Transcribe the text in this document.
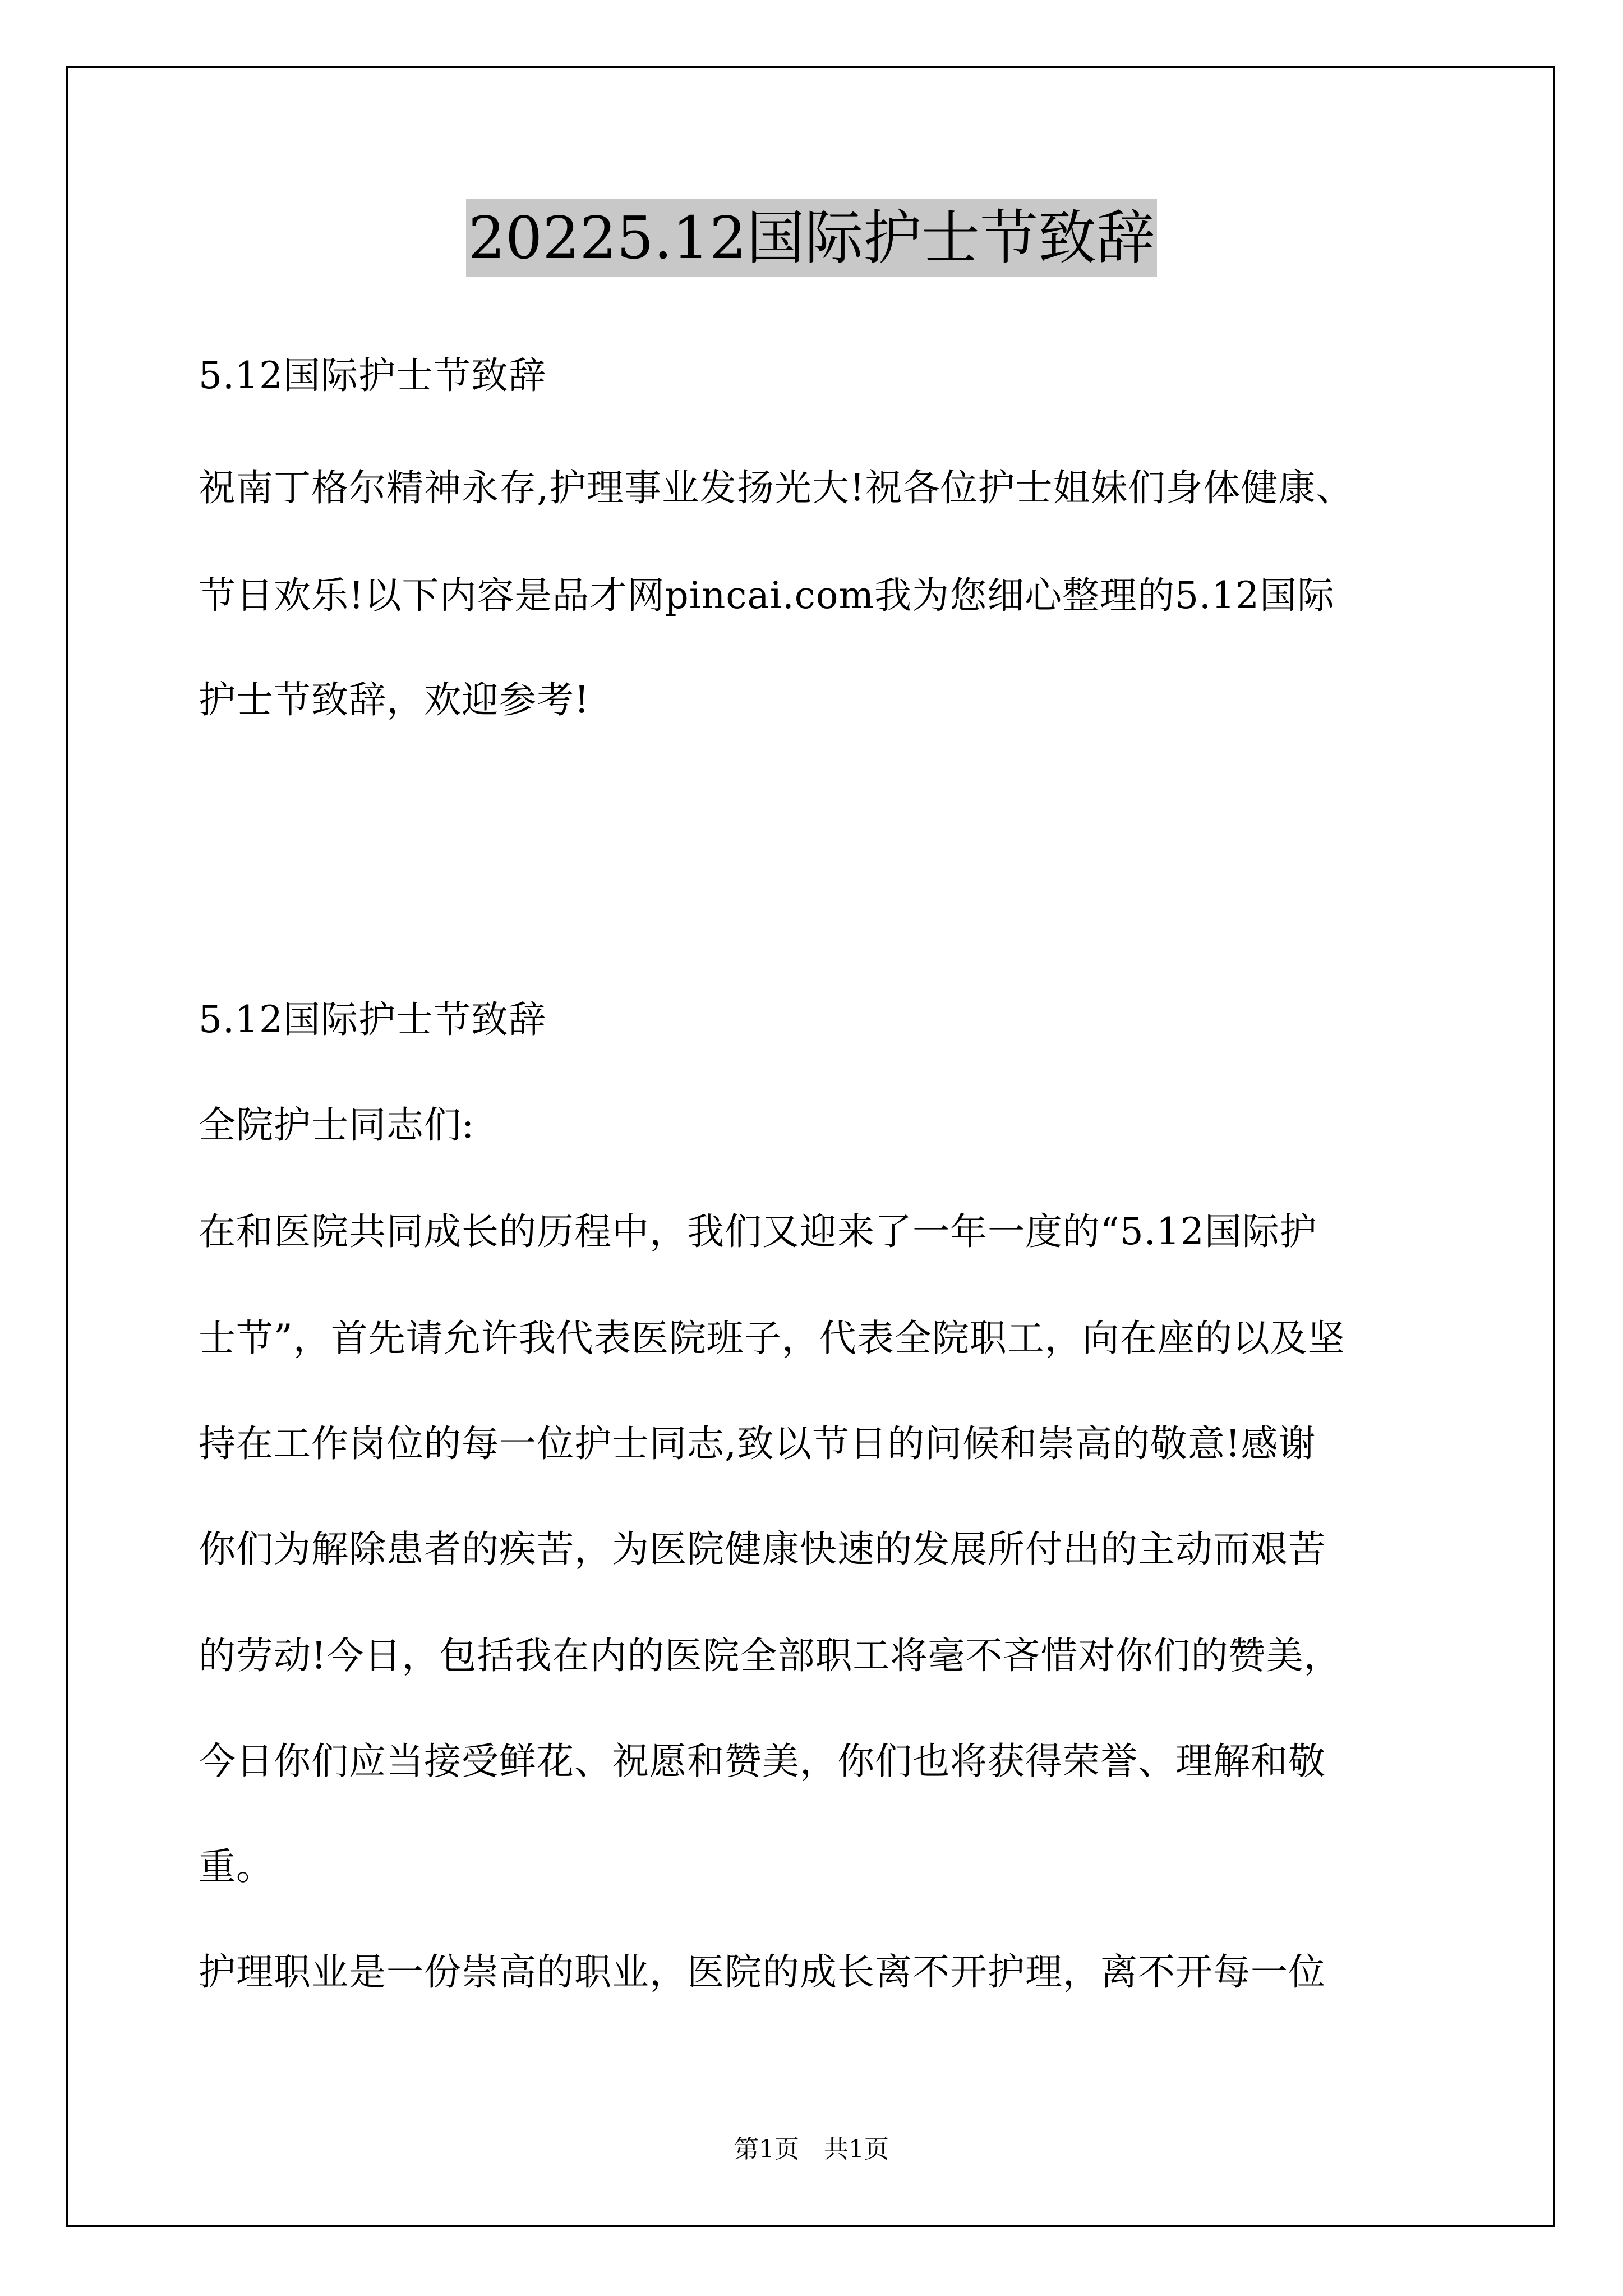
20225.12国际护士节致辞
5.12国际护士节致辞
祝南丁格尔精神永存,护理事业发扬光大!祝各位护士姐妹们身体健康、
节日欢乐!以下内容是品才网pincai.com我为您细心整理的5.12国际
护士节致辞，欢迎参考!
5.12国际护士节致辞
全院护士同志们:
在和医院共同成长的历程中，我们又迎来了一年一度的“5.12国际护
士节”，首先请允许我代表医院班子，代表全院职工，向在座的以及坚
持在工作岗位的每一位护士同志,致以节日的问候和崇高的敬意!感谢
你们为解除患者的疾苦，为医院健康快速的发展所付出的主动而艰苦
的劳动!今日，包括我在内的医院全部职工将毫不吝惜对你们的赞美，
今日你们应当接受鲜花、祝愿和赞美，你们也将获得荣誉、理解和敬
重。
护理职业是一份崇高的职业，医院的成长离不开护理，离不开每一位
第1页　共1页
